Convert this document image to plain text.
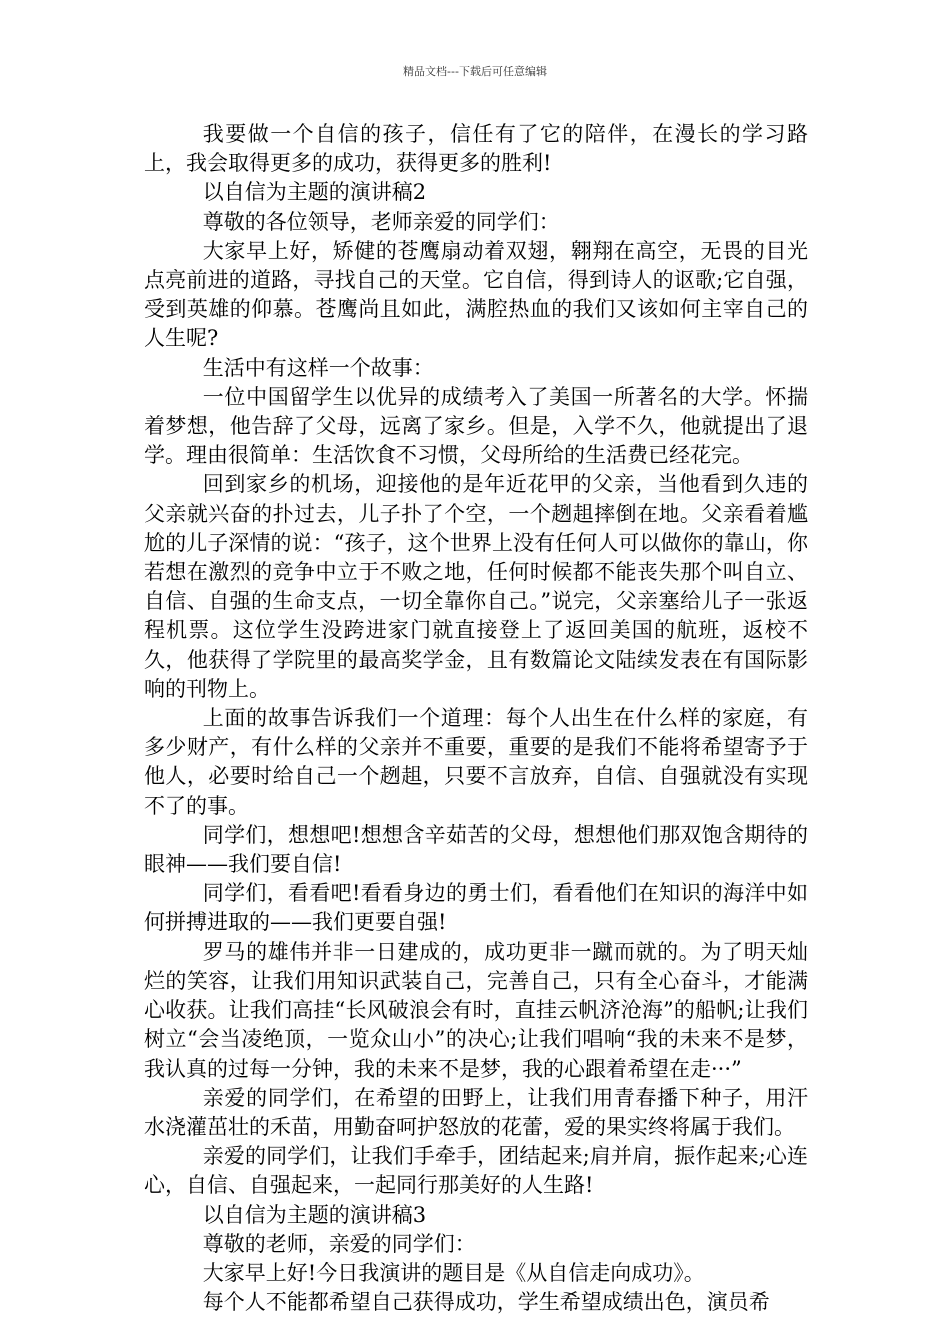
精品文档---下载后可任意编辑

我要做一个自信的孩子，信任有了它的陪伴，在漫长的学习路上，我会取得更多的成功，获得更多的胜利!

以自信为主题的演讲稿2

尊敬的各位领导，老师亲爱的同学们：

大家早上好，矫健的苍鹰扇动着双翅，翱翔在高空，无畏的目光点亮前进的道路，寻找自己的天堂。它自信，得到诗人的讴歌;它自强，受到英雄的仰慕。苍鹰尚且如此，满腔热血的我们又该如何主宰自己的人生呢?

生活中有这样一个故事：

一位中国留学生以优异的成绩考入了美国一所著名的大学。怀揣着梦想，他告辞了父母，远离了家乡。但是，入学不久，他就提出了退学。理由很简单：生活饮食不习惯，父母所给的生活费已经花完。

回到家乡的机场，迎接他的是年近花甲的父亲，当他看到久违的父亲就兴奋的扑过去，儿子扑了个空，一个趔趄摔倒在地。父亲看着尴尬的儿子深情的说：“孩子，这个世界上没有任何人可以做你的靠山，你若想在激烈的竞争中立于不败之地，任何时候都不能丧失那个叫自立、自信、自强的生命支点，一切全靠你自己。”说完，父亲塞给儿子一张返程机票。这位学生没跨进家门就直接登上了返回美国的航班，返校不久，他获得了学院里的最高奖学金，且有数篇论文陆续发表在有国际影响的刊物上。

上面的故事告诉我们一个道理：每个人出生在什么样的家庭，有多少财产，有什么样的父亲并不重要，重要的是我们不能将希望寄予于他人，必要时给自己一个趔趄，只要不言放弃，自信、自强就没有实现不了的事。

同学们，想想吧!想想含辛茹苦的父母，想想他们那双饱含期待的眼神——我们要自信!

同学们，看看吧!看看身边的勇士们，看看他们在知识的海洋中如何拼搏进取的——我们更要自强!

罗马的雄伟并非一日建成的，成功更非一蹴而就的。为了明天灿烂的笑容，让我们用知识武装自己，完善自己，只有全心奋斗，才能满心收获。让我们高挂“长风破浪会有时，直挂云帆济沧海”的船帆;让我们树立“会当凌绝顶，一览众山小”的决心;让我们唱响“我的未来不是梦，我认真的过每一分钟，我的未来不是梦，我的心跟着希望在走···”

亲爱的同学们，在希望的田野上，让我们用青春播下种子，用汗水浇灌茁壮的禾苗，用勤奋呵护怒放的花蕾，爱的果实终将属于我们。

亲爱的同学们，让我们手牵手，团结起来;肩并肩，振作起来;心连心，自信、自强起来，一起同行那美好的人生路!

以自信为主题的演讲稿3

尊敬的老师，亲爱的同学们：

大家早上好!今日我演讲的题目是《从自信走向成功》。

每个人不能都希望自己获得成功，学生希望成绩出色，演员希
